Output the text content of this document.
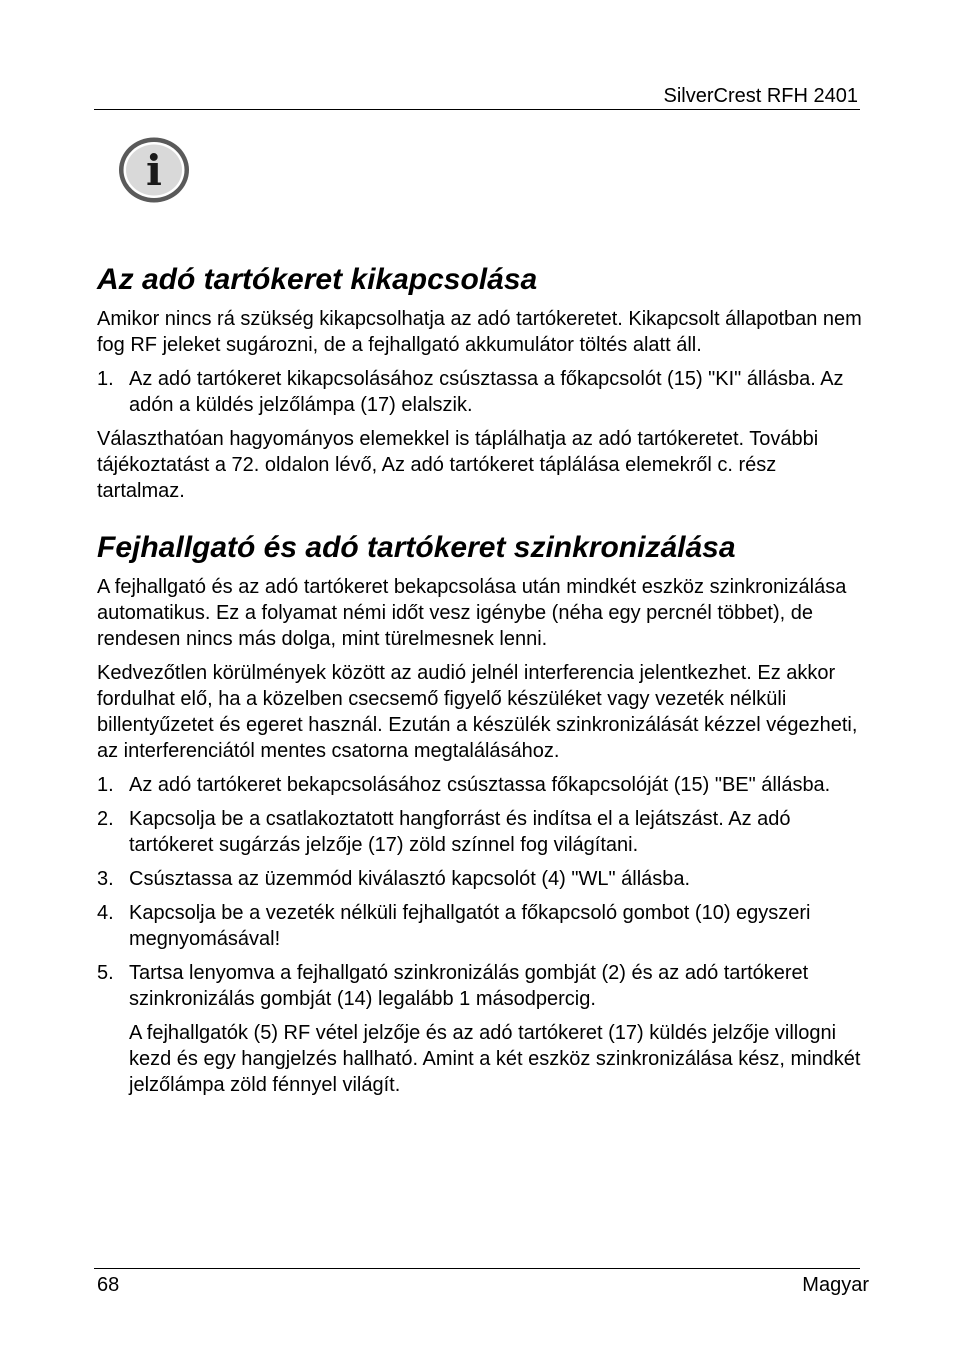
SilverCrest RFH 2401
i
Az adó tartókeret kikapcsolása

Amikor nincs rá szükség kikapcsolhatja az adó tartókeretet. Kikapcsolt állapotban nem fog RF jeleket sugározni, de a fejhallgató akkumulátor töltés alatt áll.

1. Az adó tartókeret kikapcsolásához csúsztassa a főkapcsolót (15) "KI" állásba. Az adón a küldés jelzőlámpa (17) elalszik.

Választhatóan hagyományos elemekkel is táplálhatja az adó tartókeretet. További tájékoztatást a 72. oldalon lévő, Az adó tartókeret táplálása elemekről c. rész tartalmaz.

Fejhallgató és adó tartókeret szinkronizálása

A fejhallgató és az adó tartókeret bekapcsolása után mindkét eszköz szinkronizálása automatikus. Ez a folyamat némi időt vesz igénybe (néha egy percnél többet), de rendesen nincs más dolga, mint türelmesnek lenni.

Kedvezőtlen körülmények között az audió jelnél interferencia jelentkezhet. Ez akkor fordulhat elő, ha a közelben csecsemő figyelő készüléket vagy vezeték nélküli billentyűzetet és egeret használ. Ezután a készülék szinkronizálását kézzel végezheti, az interferenciától mentes csatorna megtalálásához.

1. Az adó tartókeret bekapcsolásához csúsztassa főkapcsolóját (15) "BE" állásba.
2. Kapcsolja be a csatlakoztatott hangforrást és indítsa el a lejátszást. Az adó tartókeret sugárzás jelzője (17) zöld színnel fog világítani.
3. Csúsztassa az üzemmód kiválasztó kapcsolót (4) "WL" állásba.
4. Kapcsolja be a vezeték nélküli fejhallgatót a főkapcsoló gombot (10) egyszeri megnyomásával!
5. Tartsa lenyomva a fejhallgató szinkronizálás gombját (2) és az adó tartókeret szinkronizálás gombját (14) legalább 1 másodpercig.

A fejhallgatók (5) RF vétel jelzője és az adó tartókeret (17) küldés jelzője villogni kezd és egy hangjelzés hallható. Amint a két eszköz szinkronizálása kész, mindkét jelzőlámpa zöld fénnyel világít.

68	Magyar
